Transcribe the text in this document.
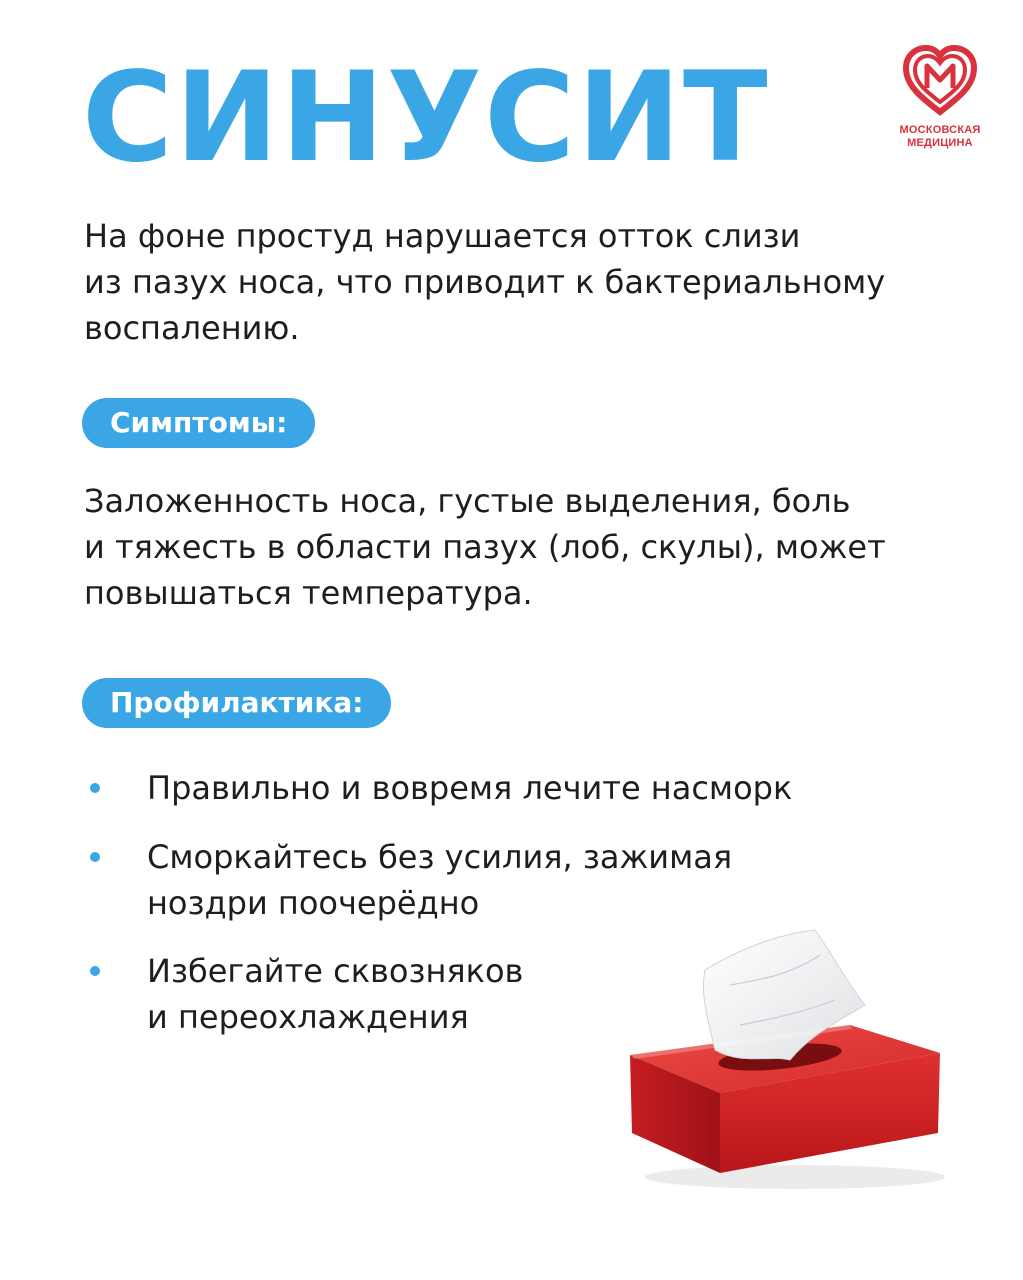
СИНУСИТ	МОСКОВСКАЯ
МЕДИЦИНА
На фоне простуд нарушается отток слизи
из пазух носа, что приводит к бактериальному
воспалению.
Симптомы:
Заложенность носа, густые выделения, боль
и тяжесть в области пазух (лоб, скулы), может
повышаться температура.
Профилактика:
Правильно и вовремя лечите насморк
Сморкайтесь без усилия, зажимая
ноздри поочерёдно
Избегайте сквозняков
и переохлаждения
